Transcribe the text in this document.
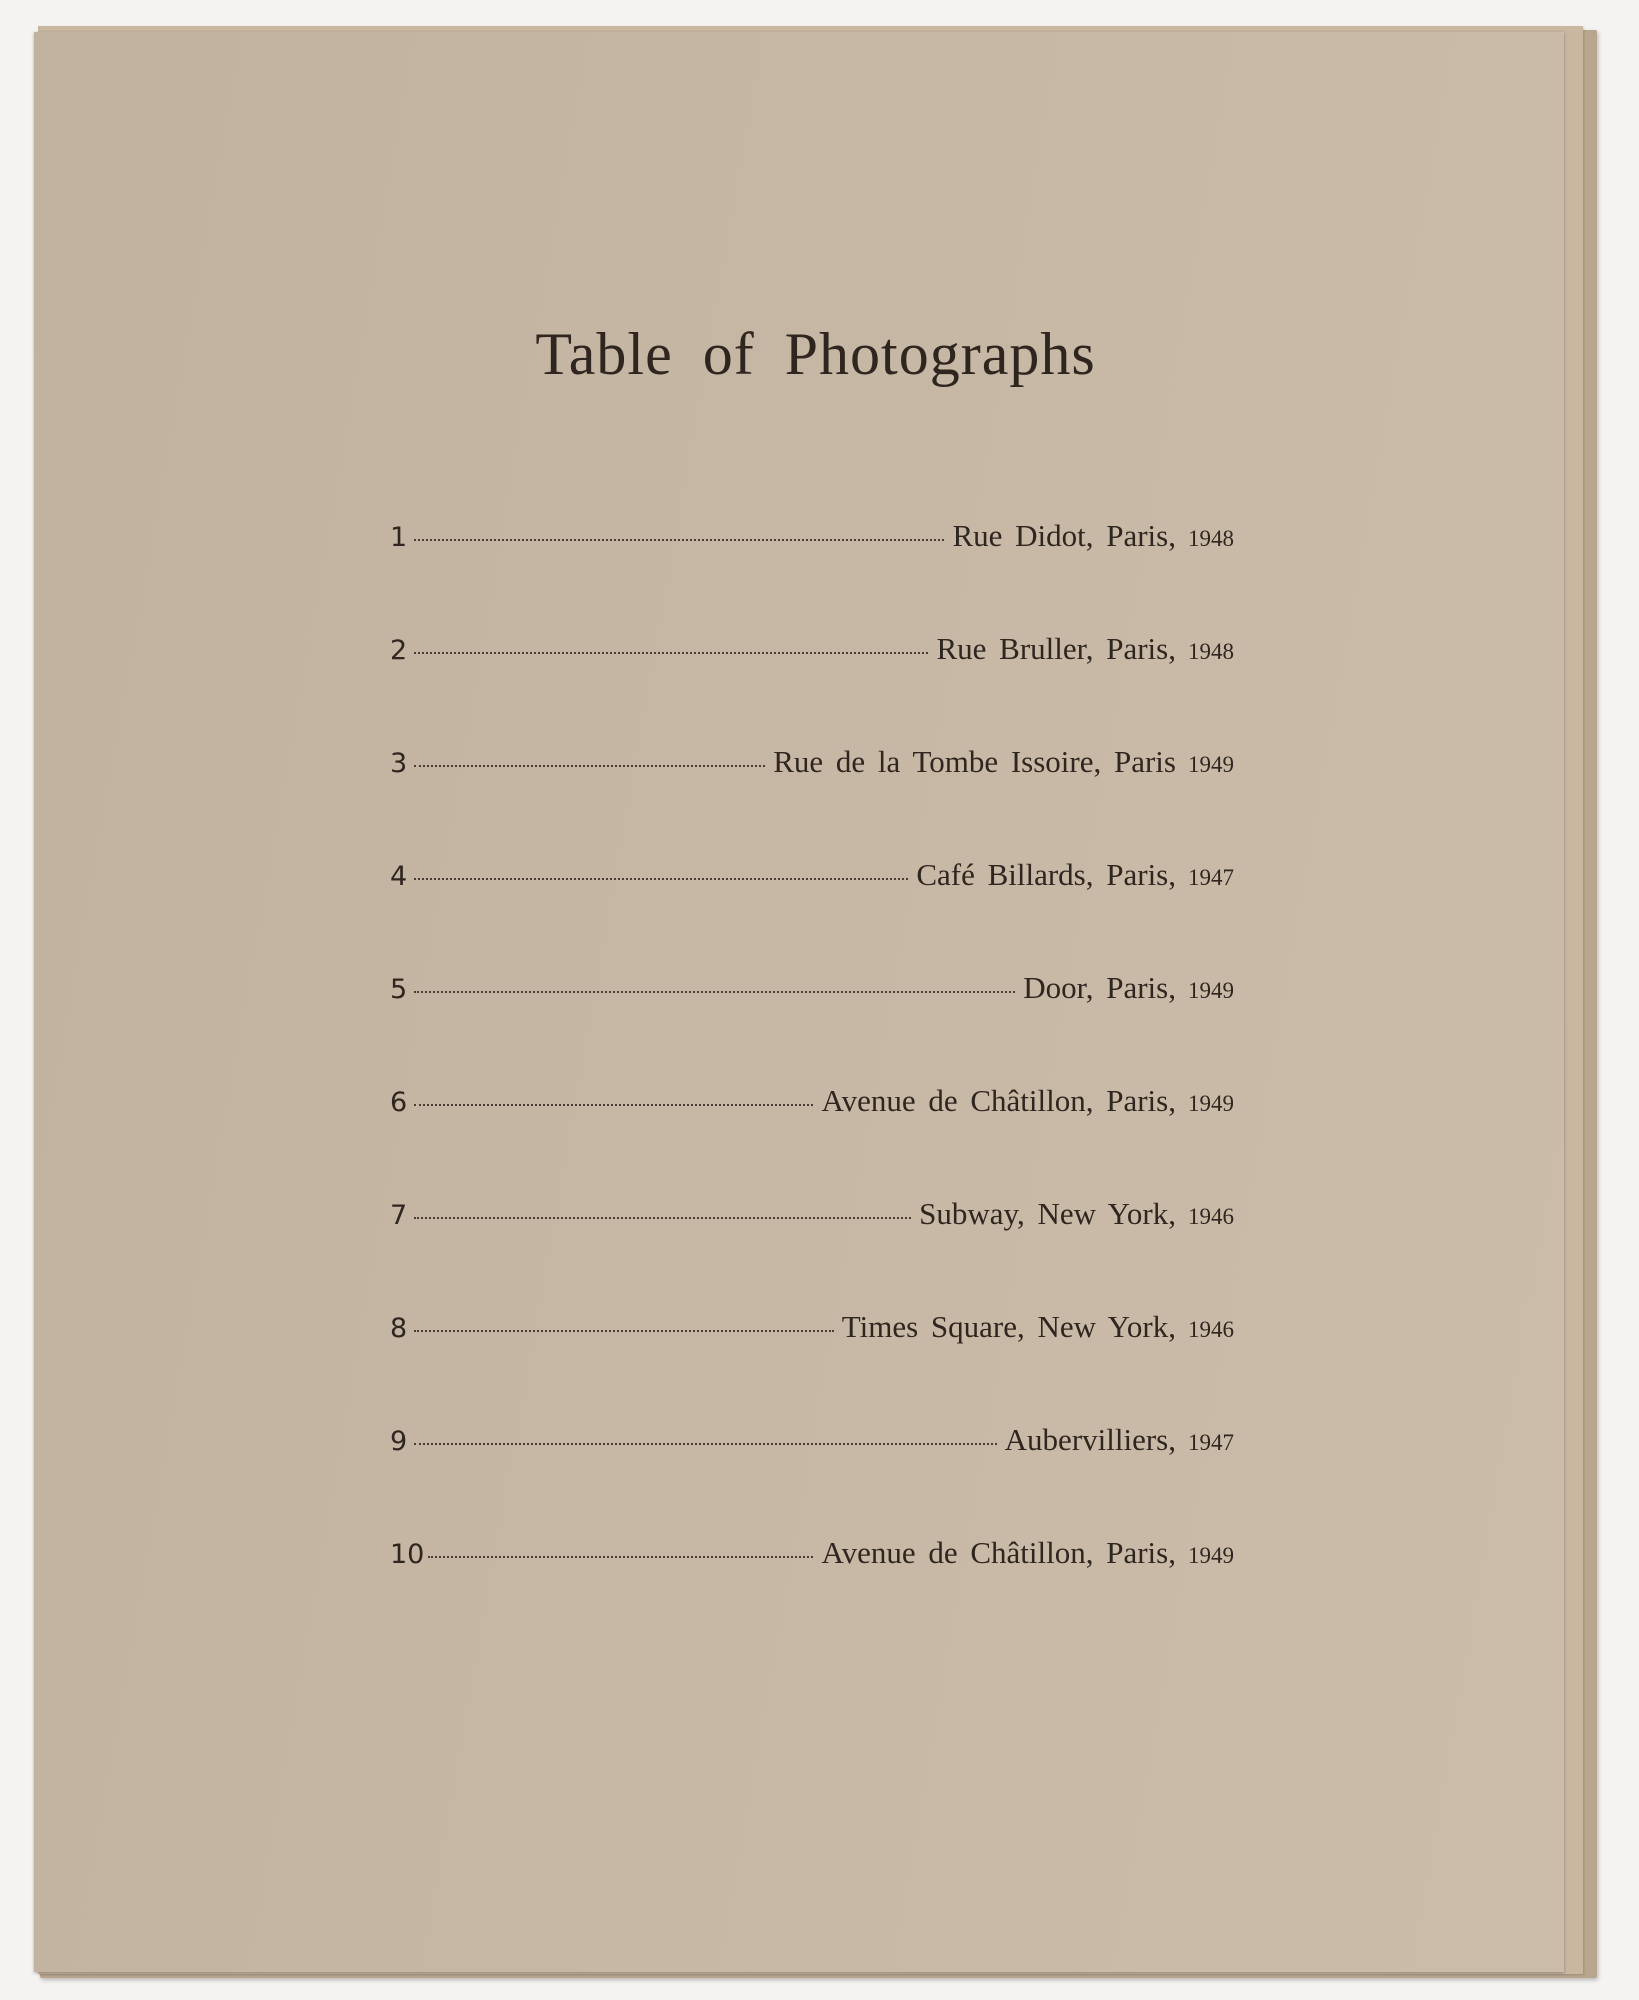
Table of Photographs
1	Rue Didot, Paris, 1948
2	Rue Bruller, Paris, 1948
3	Rue de la Tombe Issoire, Paris 1949
4	Café Billards, Paris, 1947
5	Door, Paris, 1949
6	Avenue de Châtillon, Paris, 1949
7	Subway, New York, 1946
8	Times Square, New York, 1946
9	Aubervilliers, 1947
10	Avenue de Châtillon, Paris, 1949
